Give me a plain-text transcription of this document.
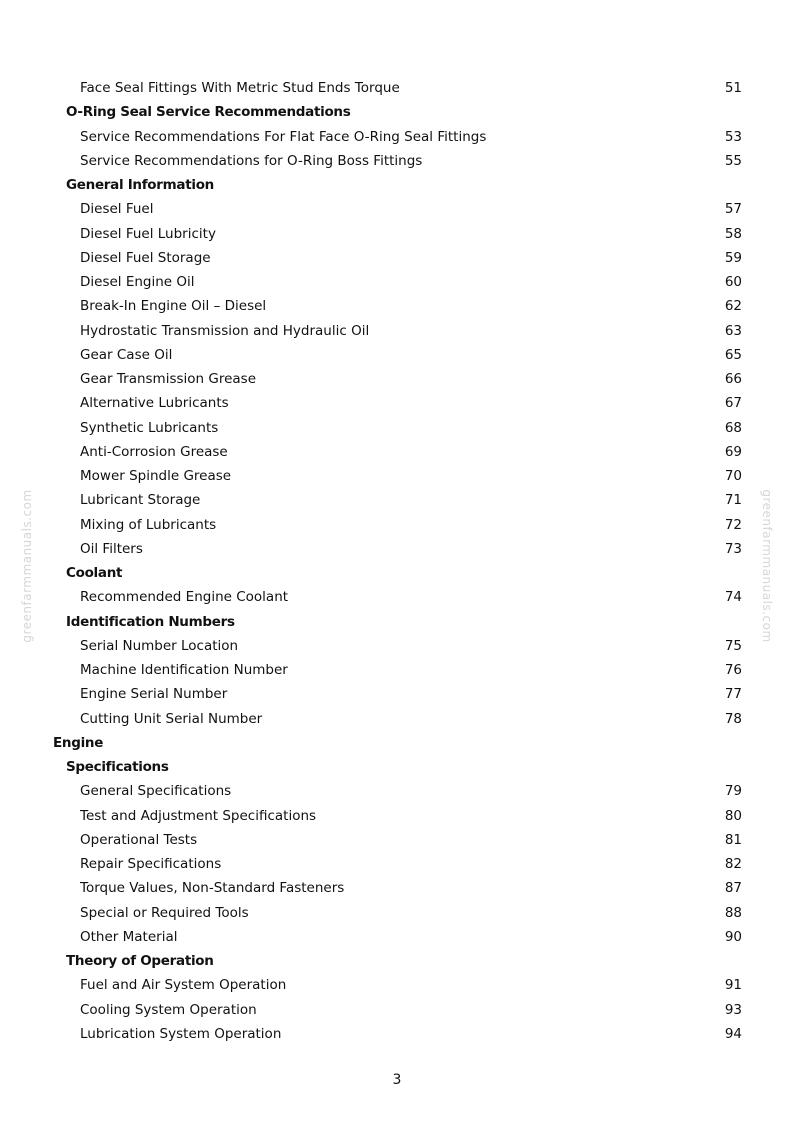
Face Seal Fittings With Metric Stud Ends Torque	51
O-Ring Seal Service Recommendations
Service Recommendations For Flat Face O-Ring Seal Fittings	53
Service Recommendations for O-Ring Boss Fittings	55
General Information
Diesel Fuel	57
Diesel Fuel Lubricity	58
Diesel Fuel Storage	59
Diesel Engine Oil	60
Break-In Engine Oil – Diesel	62
Hydrostatic Transmission and Hydraulic Oil	63
Gear Case Oil	65
Gear Transmission Grease	66
Alternative Lubricants	67
Synthetic Lubricants	68
Anti-Corrosion Grease	69
Mower Spindle Grease	70
Lubricant Storage	71
Mixing of Lubricants	72
Oil Filters	73
Coolant
Recommended Engine Coolant	74
Identification Numbers
Serial Number Location	75
Machine Identification Number	76
Engine Serial Number	77
Cutting Unit Serial Number	78
Engine
Specifications
General Specifications	79
Test and Adjustment Specifications	80
Operational Tests	81
Repair Specifications	82
Torque Values, Non-Standard Fasteners	87
Special or Required Tools	88
Other Material	90
Theory of Operation
Fuel and Air System Operation	91
Cooling System Operation	93
Lubrication System Operation	94
greenfarmmanuals.com	greenfarmmanuals.com
3
